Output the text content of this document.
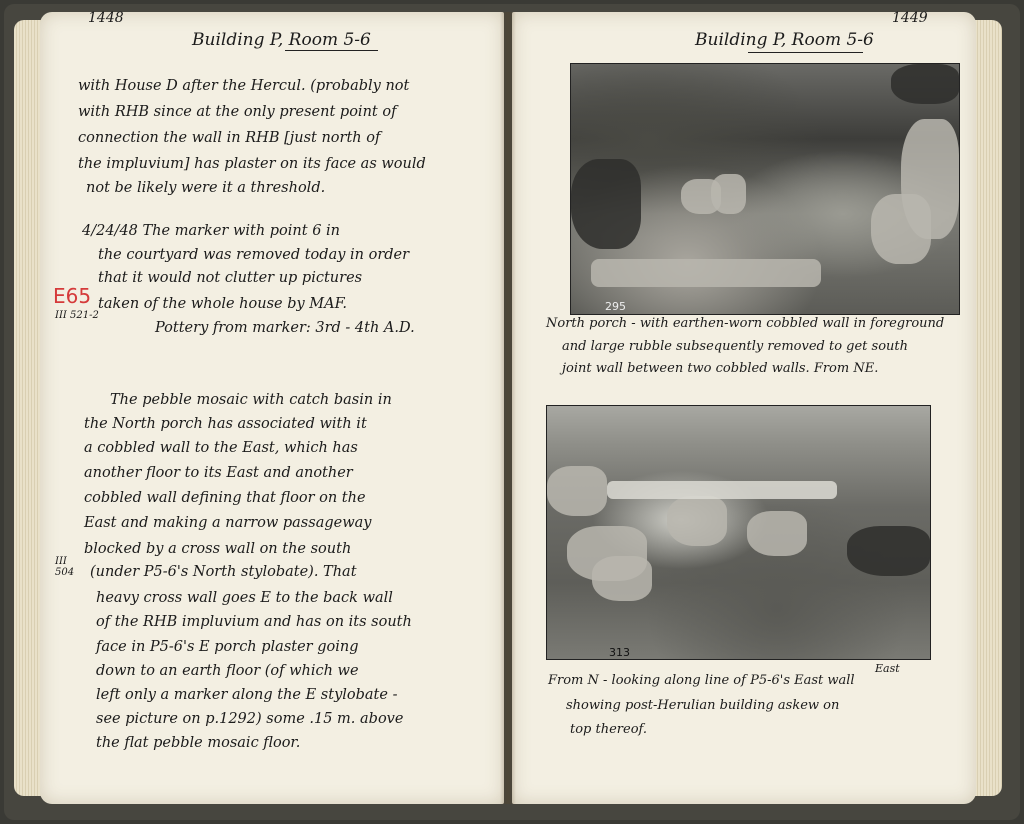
1448
Building P, Room 5-6
with House D after the Hercul. (probably not
with RHB since at the only present point of
connection the wall in RHB [just north of
the impluvium] has plaster on its face as would
not be likely were it a threshold.
4/24/48 The marker with point 6 in
the courtyard was removed today in order
that it would not clutter up pictures
taken of the whole house by MAF.
Pottery from marker: 3rd - 4th A.D.
The pebble mosaic with catch basin in
the North porch has associated with it
a cobbled wall to the East, which has
another floor to its East and another
cobbled wall defining that floor on the
East and making a narrow passageway
blocked by a cross wall on the south
(under P5-6's North stylobate). That
heavy cross wall goes E to the back wall
of the RHB impluvium and has on its south
face in P5-6's E porch plaster going
down to an earth floor (of which we
left only a marker along the E stylobate -
see picture on p.1292) some .15 m. above
the flat pebble mosaic floor.
E65
III 521-2
III 504
1449
Building P, Room 5-6
295
North porch - with earthen-worn cobbled wall in foreground
and large rubble subsequently removed to get south
joint wall between two cobbled walls. From NE.
313
East
From N - looking along line of P5-6's East wall
showing post-Herulian building askew on
top thereof.
